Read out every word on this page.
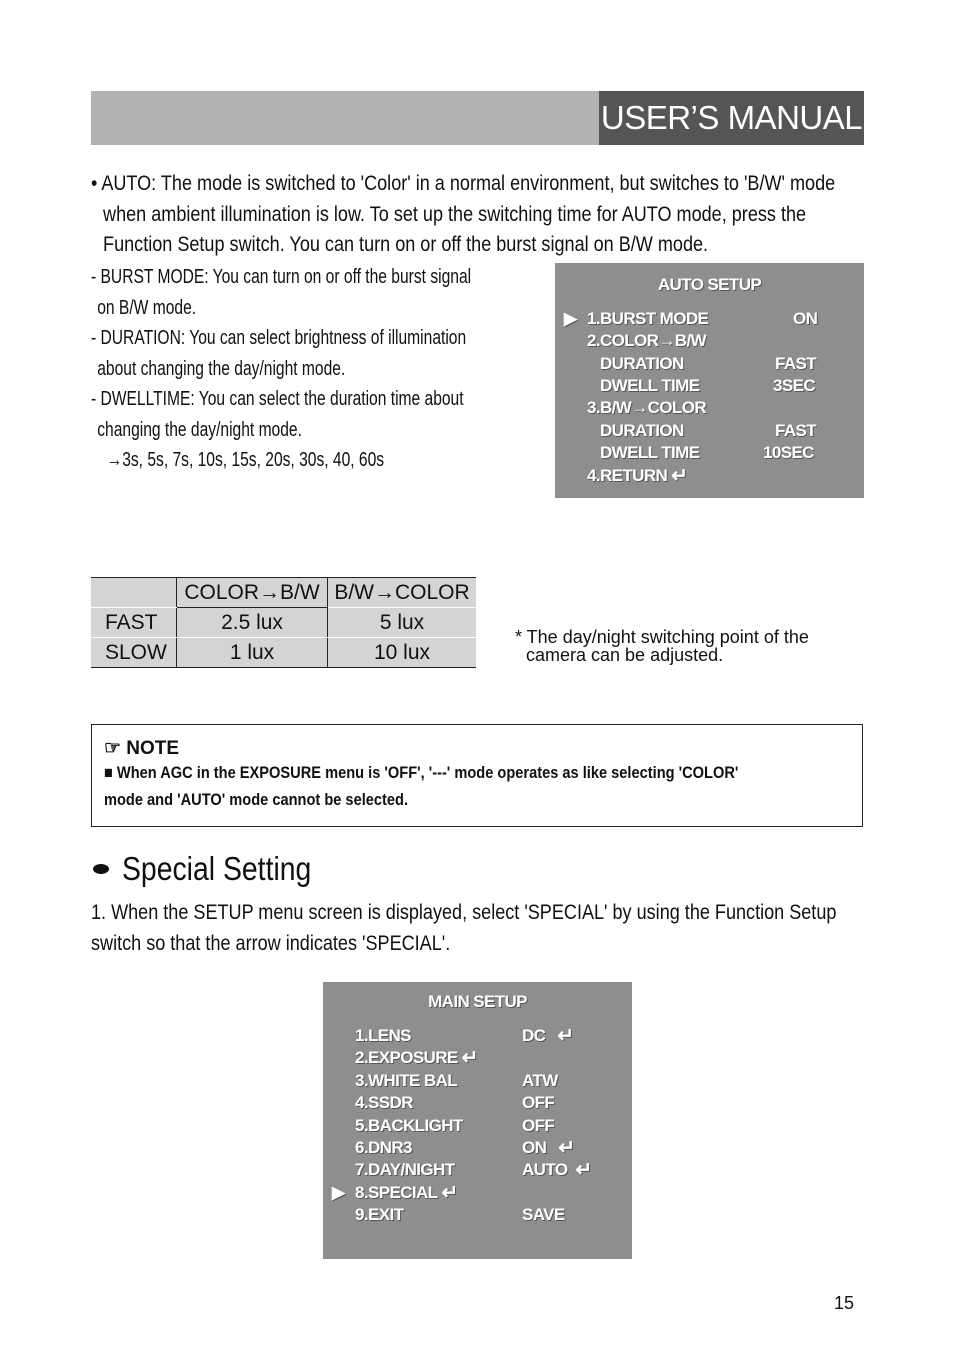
USER’S MANUAL
• AUTO: The mode is switched to 'Color' in a normal environment, but switches to 'B/W' mode
when ambient illumination is low. To set up the switching time for AUTO mode, press the
Function Setup switch. You can turn on or off the burst signal on B/W mode.
- BURST MODE: You can turn on or off the burst signal
on B/W mode.
- DURATION: You can select brightness of illumination
about changing the day/night mode.
- DWELLTIME: You can select the duration time about
changing the day/night mode.
→3s, 5s, 7s, 10s, 15s, 20s, 30s, 40, 60s
AUTO SETUP
▶ 1.BURST MODE	ON
2.COLOR→B/W
DURATION	FAST
DWELL TIME	3SEC
3.B/W→COLOR
DURATION	FAST
DWELL TIME	10SEC
4.RETURN ↵
	COLOR→B/W	B/W→COLOR
FAST	2.5 lux	5 lux
SLOW	1 lux	10 lux
* The day/night switching point of the
camera can be adjusted.
☞ NOTE
■ When AGC in the EXPOSURE menu is 'OFF', '---' mode operates as like selecting 'COLOR'
mode and 'AUTO' mode cannot be selected.
Special Setting
1. When the SETUP menu screen is displayed, select 'SPECIAL' by using the Function Setup
switch so that the arrow indicates 'SPECIAL'.
MAIN SETUP
1.LENS	DC ↵
2.EXPOSURE ↵
3.WHITE BAL	ATW
4.SSDR	OFF
5.BACKLIGHT	OFF
6.DNR3	ON ↵
7.DAY/NIGHT	AUTO ↵
▶ 8.SPECIAL ↵
9.EXIT	SAVE
15
